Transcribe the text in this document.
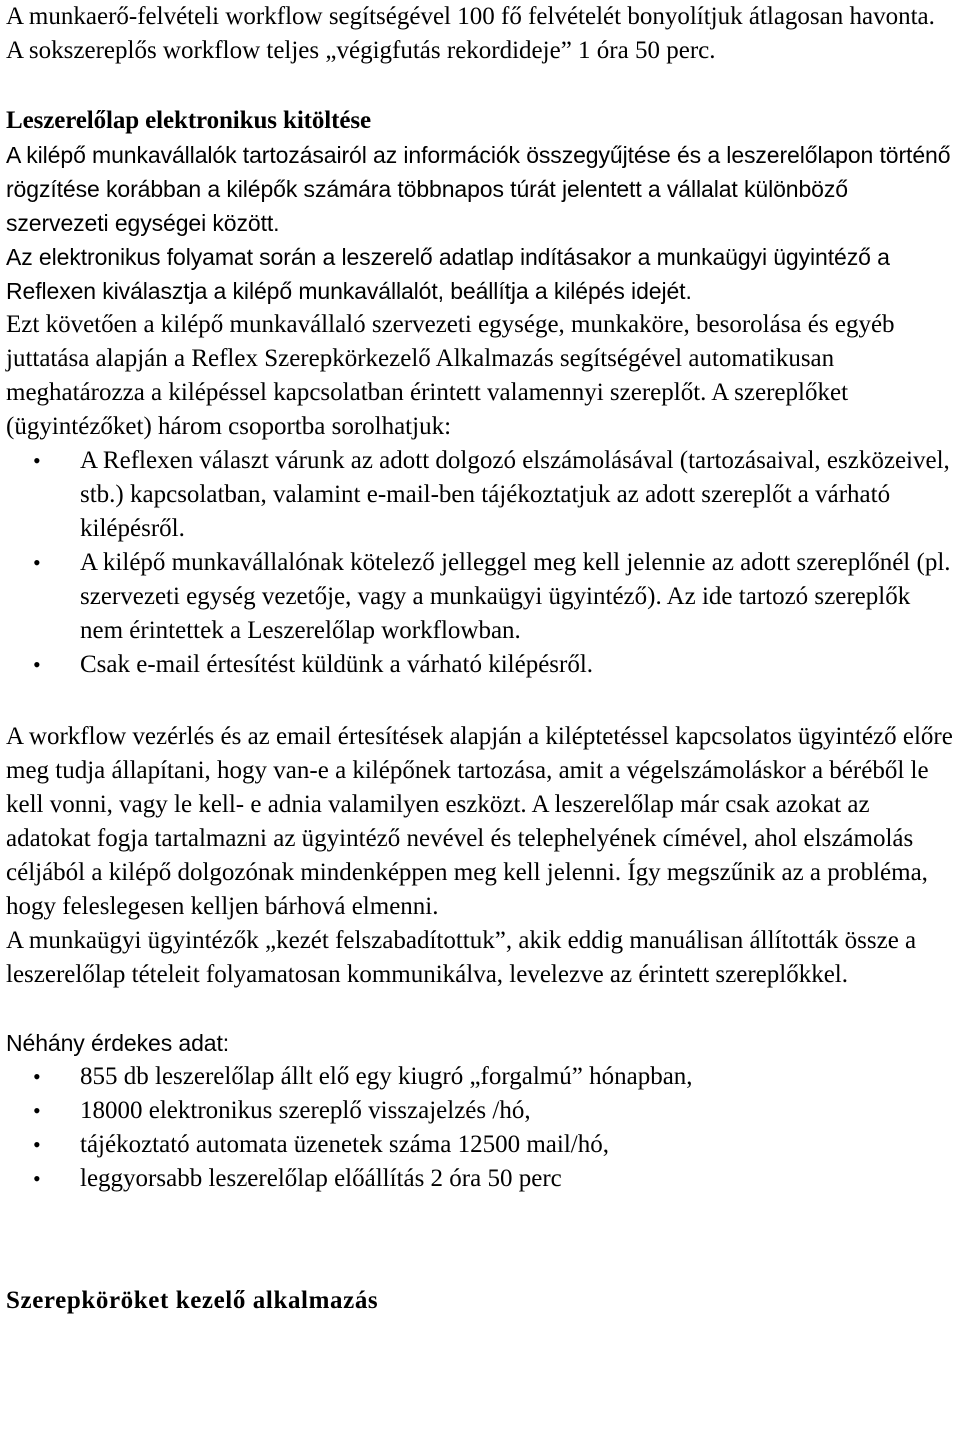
A munkaerő-felvételi workflow segítségével 100 fő felvételét bonyolítjuk átlagosan havonta.

A sokszereplős workflow teljes „végigfutás rekordideje” 1 óra 50 perc.

Leszerelőlap elektronikus kitöltése

A kilépő munkavállalók tartozásairól az információk összegyűjtése és a leszerelőlapon történő rögzítése korábban a kilépők számára többnapos túrát jelentett a vállalat különböző szervezeti egységei között.

Az elektronikus folyamat során a leszerelő adatlap indításakor a munkaügyi ügyintéző a Reflexen kiválasztja a kilépő munkavállalót, beállítja a kilépés idejét.

Ezt követően a kilépő munkavállaló szervezeti egysége, munkaköre, besorolása és egyéb juttatása alapján a Reflex Szerepkörkezelő Alkalmazás segítségével automatikusan meghatározza a kilépéssel kapcsolatban érintett valamennyi szereplőt. A szereplőket (ügyintézőket) három csoportba sorolhatjuk:

• A Reflexen választ várunk az adott dolgozó elszámolásával (tartozásaival, eszközeivel, stb.) kapcsolatban, valamint e-mail-ben tájékoztatjuk az adott szereplőt a várható kilépésről.
• A kilépő munkavállalónak kötelező jelleggel meg kell jelennie az adott szereplőnél (pl. szervezeti egység vezetője, vagy a munkaügyi ügyintéző). Az ide tartozó szereplők nem érintettek a Leszerelőlap workflowban.
• Csak e-mail értesítést küldünk a várható kilépésről.

A workflow vezérlés és az email értesítések alapján a kiléptetéssel kapcsolatos ügyintéző előre meg tudja állapítani, hogy van-e a kilépőnek tartozása, amit a végelszámoláskor a béréből le kell vonni, vagy le kell- e adnia valamilyen eszközt. A leszerelőlap már csak azokat az adatokat fogja tartalmazni az ügyintéző nevével és telephelyének címével, ahol elszámolás céljából a kilépő dolgozónak mindenképpen meg kell jelenni. Így megszűnik az a probléma, hogy feleslegesen kelljen bárhová elmenni.

A munkaügyi ügyintézők „kezét felszabadítottuk”, akik eddig manuálisan állították össze a leszerelőlap tételeit folyamatosan kommunikálva, levelezve az érintett szereplőkkel.

Néhány érdekes adat:

• 855 db leszerelőlap állt elő egy kiugró „forgalmú” hónapban,
• 18000 elektronikus szereplő visszajelzés /hó,
• tájékoztató automata üzenetek száma 12500 mail/hó,
• leggyorsabb leszerelőlap előállítás 2 óra 50 perc

Szerepköröket kezelő alkalmazás
